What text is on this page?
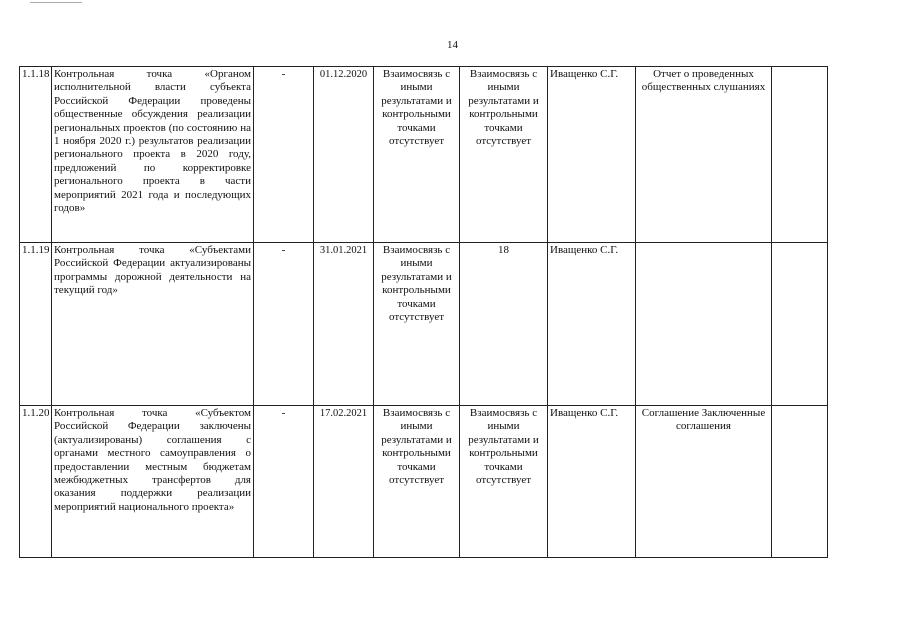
14
1.1.18	Контрольная точка «Органом исполнительной власти субъекта Российской Федерации проведены общественные обсуждения реализации региональных проектов (по состоянию на 1 ноября 2020 г.) результатов реализации регионального проекта в 2020 году, предложений по корректировке регионального проекта в части мероприятий 2021 года и последующих годов»	-	01.12.2020	Взаимосвязь с иными результатами и контрольными точками отсутствует	Взаимосвязь с иными результатами и контрольными точками отсутствует	Иващенко С.Г.	Отчет о проведенных общественных слушаниях	
1.1.19	Контрольная точка «Субъектами Российской Федерации актуализированы программы дорожной деятельности на текущий год»	-	31.01.2021	Взаимосвязь с иными результатами и контрольными точками отсутствует	18	Иващенко С.Г.		
1.1.20	Контрольная точка «Субъектом Российской Федерации заключены (актуализированы) соглашения с органами местного самоуправления о предоставлении местным бюджетам межбюджетных трансфертов для оказания поддержки реализации мероприятий национального проекта»	-	17.02.2021	Взаимосвязь с иными результатами и контрольными точками отсутствует	Взаимосвязь с иными результатами и контрольными точками отсутствует	Иващенко С.Г.	Соглашение Заключенные соглашения	
